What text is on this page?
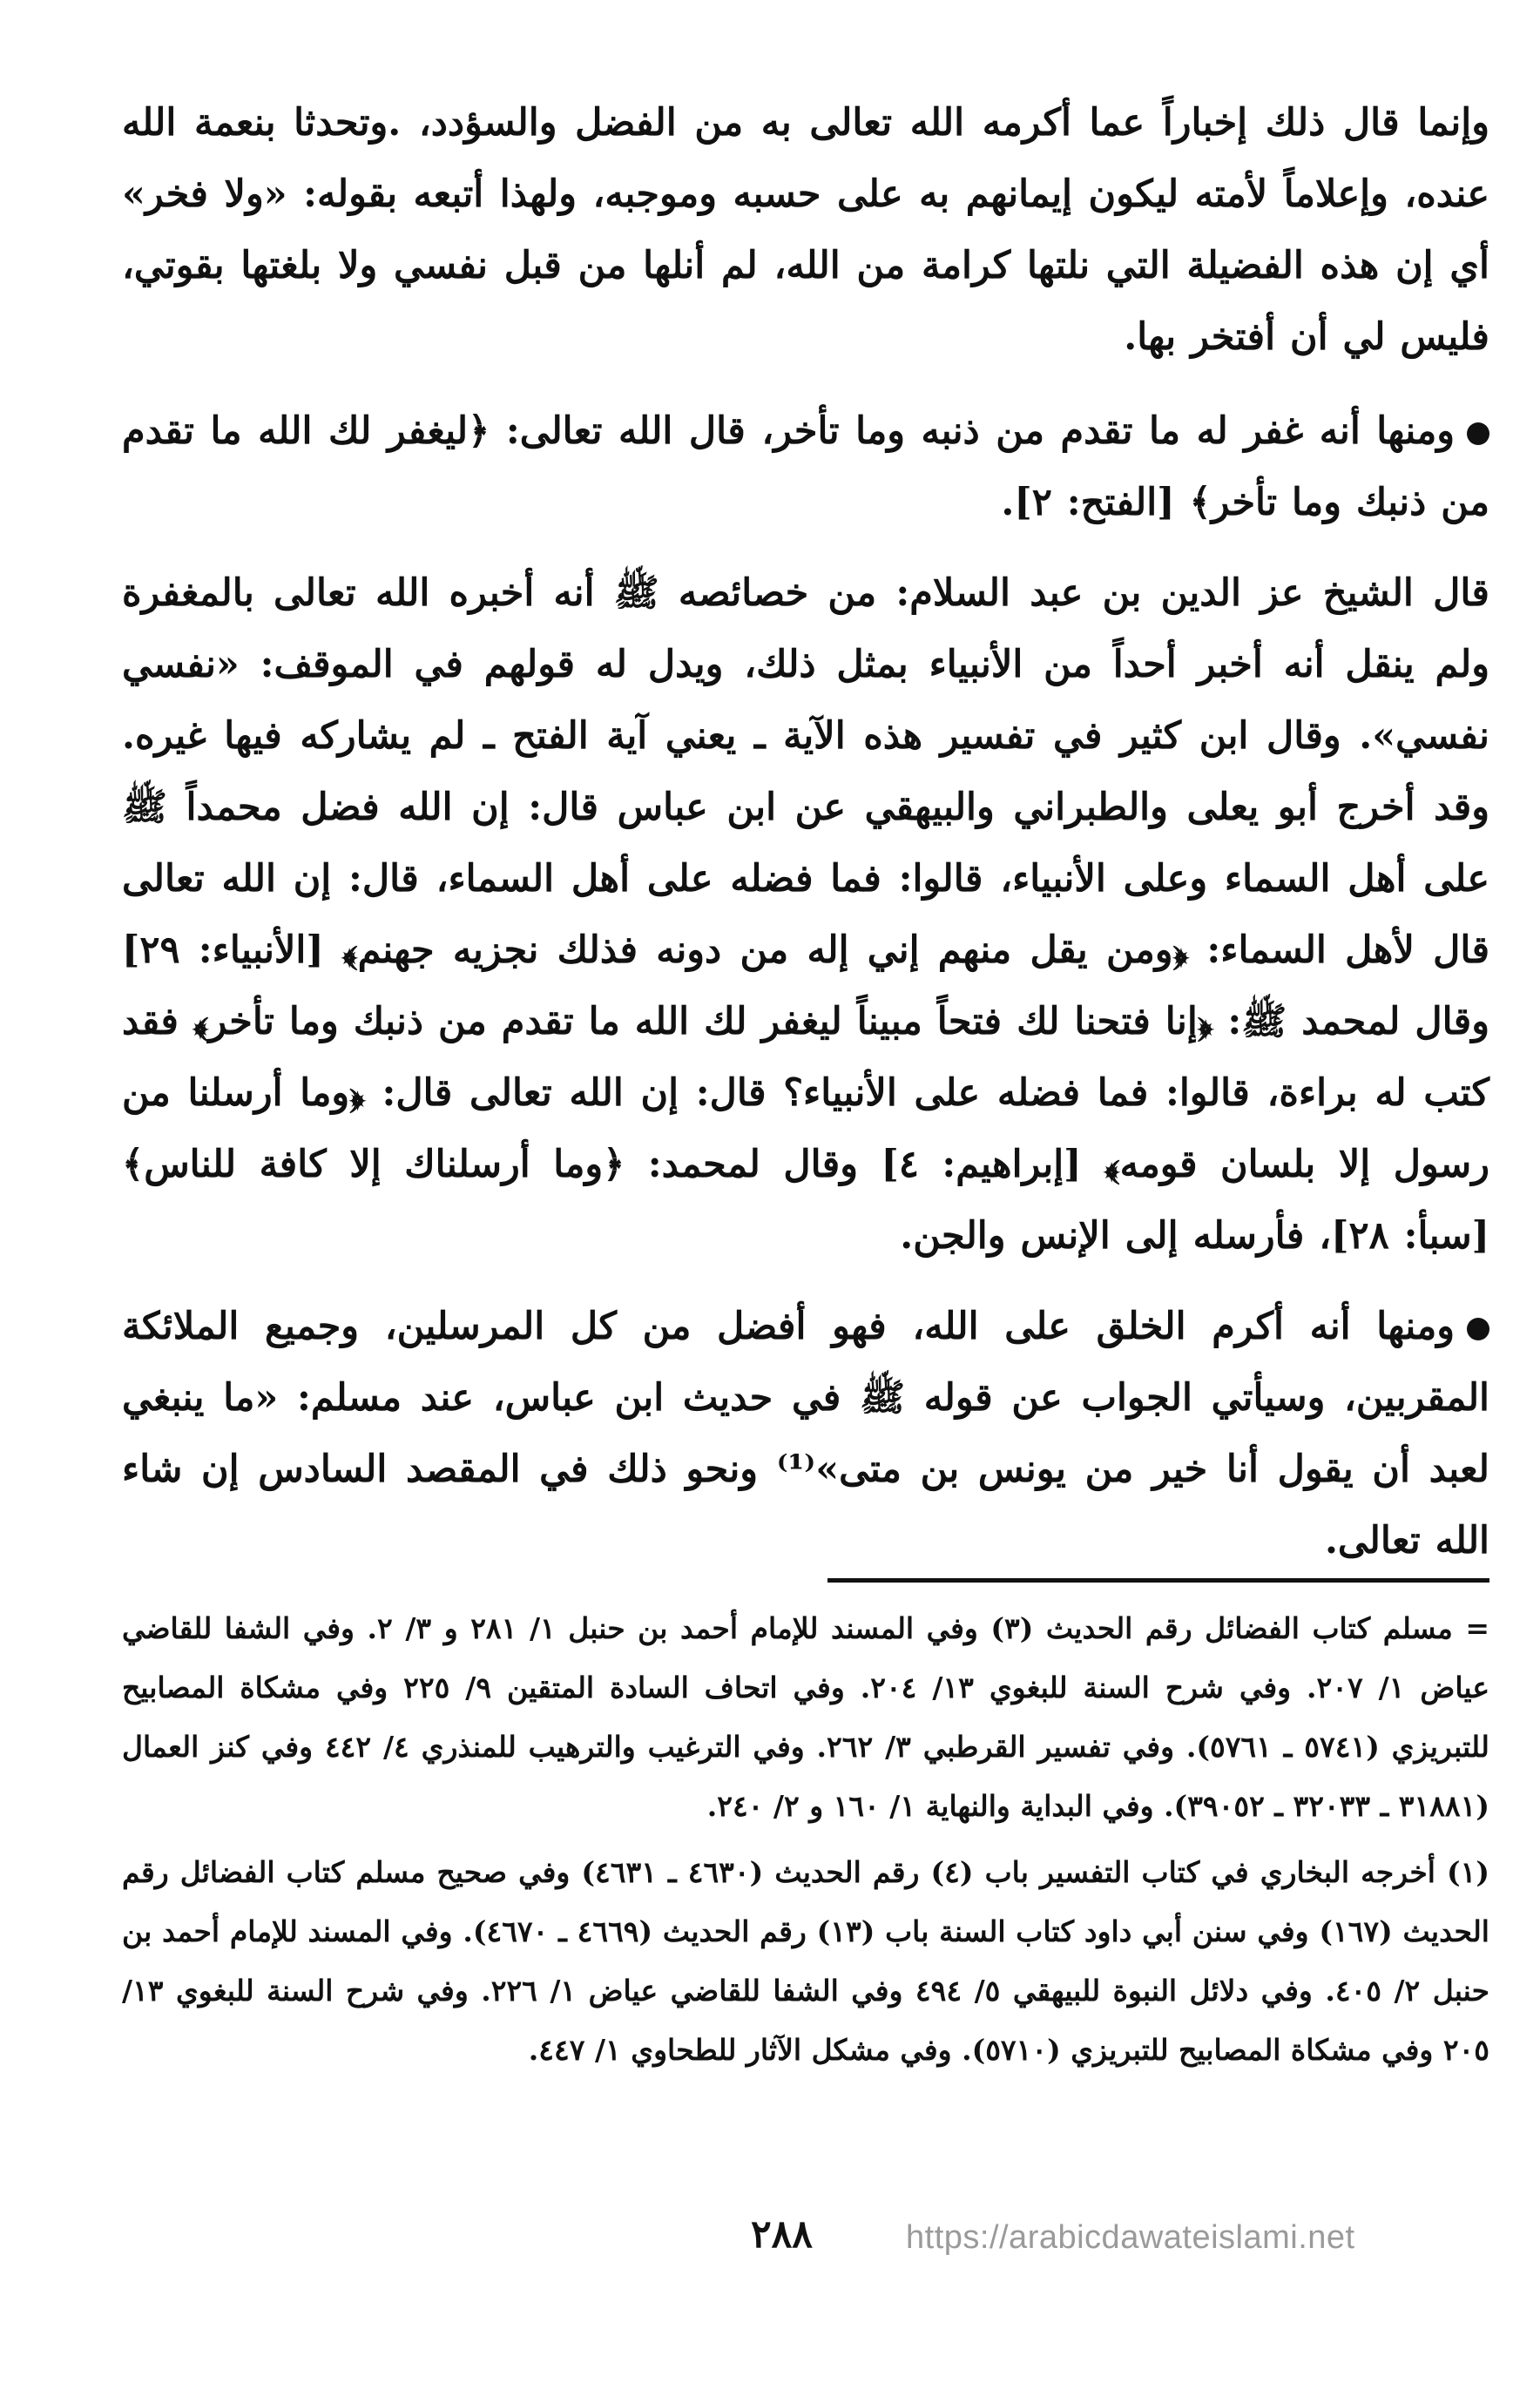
وإنما قال ذلك إخباراً عما أكرمه الله تعالى به من الفضل والسؤدد، .وتحدثا بنعمة الله عنده، وإعلاماً لأمته ليكون إيمانهم به على حسبه وموجبه، ولهذا أتبعه بقوله: «ولا فخر» أي إن هذه الفضيلة التي نلتها كرامة من الله، لم أنلها من قبل نفسي ولا بلغتها بقوتي، فليس لي أن أفتخر بها.

ومنها أنه غفر له ما تقدم من ذنبه وما تأخر، قال الله تعالى: ﴿ليغفر لك الله ما تقدم من ذنبك وما تأخر﴾ [الفتح: ٢].

قال الشيخ عز الدين بن عبد السلام: من خصائصه ﷺ أنه أخبره الله تعالى بالمغفرة ولم ينقل أنه أخبر أحداً من الأنبياء بمثل ذلك، ويدل له قولهم في الموقف: «نفسي نفسي». وقال ابن كثير في تفسير هذه الآية ـ يعني آية الفتح ـ لم يشاركه فيها غيره. وقد أخرج أبو يعلى والطبراني والبيهقي عن ابن عباس قال: إن الله فضل محمداً ﷺ على أهل السماء وعلى الأنبياء، قالوا: فما فضله على أهل السماء، قال: إن الله تعالى قال لأهل السماء: ﴿ومن يقل منهم إني إله من دونه فذلك نجزيه جهنم﴾ [الأنبياء: ٢٩] وقال لمحمد ﷺ: ﴿إنا فتحنا لك فتحاً مبيناً ليغفر لك الله ما تقدم من ذنبك وما تأخر﴾ فقد كتب له براءة، قالوا: فما فضله على الأنبياء؟ قال: إن الله تعالى قال: ﴿وما أرسلنا من رسول إلا بلسان قومه﴾ [إبراهيم: ٤] وقال لمحمد: ﴿وما أرسلناك إلا كافة للناس﴾ [سبأ: ٢٨]، فأرسله إلى الإنس والجن.

ومنها أنه أكرم الخلق على الله، فهو أفضل من كل المرسلين، وجميع الملائكة المقربين، وسيأتي الجواب عن قوله ﷺ في حديث ابن عباس، عند مسلم: «ما ينبغي لعبد أن يقول أنا خير من يونس بن متى»⁽¹⁾ ونحو ذلك في المقصد السادس إن شاء الله تعالى.

= مسلم كتاب الفضائل رقم الحديث (٣) وفي المسند للإمام أحمد بن حنبل ١/ ٢٨١ و ٣/ ٢. وفي الشفا للقاضي عياض ١/ ٢٠٧. وفي شرح السنة للبغوي ١٣/ ٢٠٤. وفي اتحاف السادة المتقين ٩/ ٢٢٥ وفي مشكاة المصابيح للتبريزي (٥٧٤١ ـ ٥٧٦١). وفي تفسير القرطبي ٣/ ٢٦٢. وفي الترغيب والترهيب للمنذري ٤/ ٤٤٢ وفي كنز العمال (٣١٨٨١ ـ ٣٢٠٣٣ ـ ٣٩٠٥٢). وفي البداية والنهاية ١/ ١٦٠ و ٢/ ٢٤٠.

(١) أخرجه البخاري في كتاب التفسير باب (٤) رقم الحديث (٤٦٣٠ ـ ٤٦٣١) وفي صحيح مسلم كتاب الفضائل رقم الحديث (١٦٧) وفي سنن أبي داود كتاب السنة باب (١٣) رقم الحديث (٤٦٦٩ ـ ٤٦٧٠). وفي المسند للإمام أحمد بن حنبل ٢/ ٤٠٥. وفي دلائل النبوة للبيهقي ٥/ ٤٩٤ وفي الشفا للقاضي عياض ١/ ٢٢٦. وفي شرح السنة للبغوي ١٣/ ٢٠٥ وفي مشكاة المصابيح للتبريزي (٥٧١٠). وفي مشكل الآثار للطحاوي ١/ ٤٤٧.

٢٨٨	https://arabicdawateislami.net
